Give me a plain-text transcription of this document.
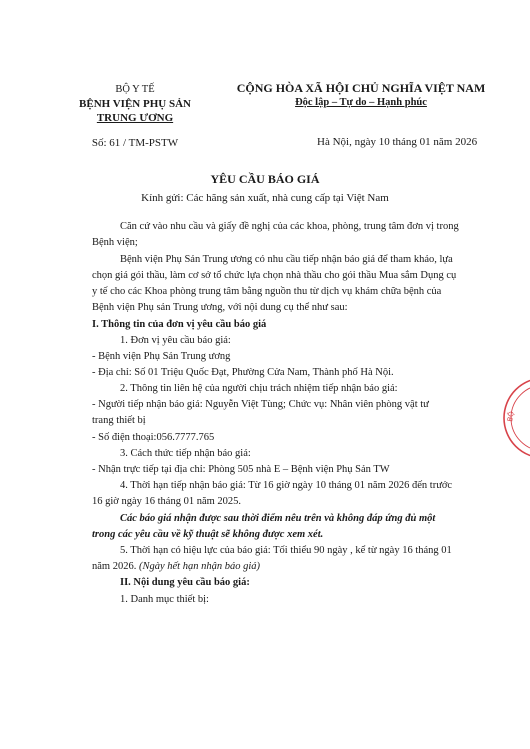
BỘ Y TẾ
BỆNH VIỆN PHỤ SẢN
TRUNG ƯƠNG
CỘNG HÒA XÃ HỘI CHỦ NGHĨA VIỆT NAM
Độc lập – Tự do – Hạnh phúc
Số: 61 / TM-PSTW	Hà Nội, ngày 10 tháng 01 năm 2026
YÊU CẦU BÁO GIÁ
Kính gửi: Các hãng sản xuất, nhà cung cấp tại Việt Nam
Căn cứ vào nhu cầu và giấy đề nghị của các khoa, phòng, trung tâm đơn vị trong
Bệnh viện;
Bệnh viện Phụ Sản Trung ương có nhu cầu tiếp nhận báo giá để tham khảo, lựa
chọn giá gói thầu, làm cơ sở tổ chức lựa chọn nhà thầu cho gói thầu Mua sắm Dụng cụ
y tế cho các Khoa phòng trung tâm bằng nguồn thu từ dịch vụ khám chữa bệnh của
Bệnh viện Phụ sản Trung ương, với nội dung cụ thể như sau:
I. Thông tin của đơn vị yêu cầu báo giá
1. Đơn vị yêu cầu báo giá:
- Bệnh viện Phụ Sản Trung ương
- Địa chỉ: Số 01 Triệu Quốc Đạt, Phường Cửa Nam, Thành phố Hà Nội.
2. Thông tin liên hệ của người chịu trách nhiệm tiếp nhận báo giá:
- Người tiếp nhận báo giá: Nguyễn Việt Tùng; Chức vụ: Nhân viên phòng vật tư
trang thiết bị
- Số điện thoại:056.7777.765
3. Cách thức tiếp nhận báo giá:
- Nhận trực tiếp tại địa chỉ: Phòng 505 nhà E – Bệnh viện Phụ Sản TW
4. Thời hạn tiếp nhận báo giá: Từ 16 giờ ngày 10 tháng 01 năm 2026 đến trước
16 giờ ngày 16 tháng 01 năm 2025.
Các báo giá nhận được sau thời điểm nêu trên và không đáp ứng đủ một
trong các yêu cầu về kỹ thuật sẽ không được xem xét.
5. Thời hạn có hiệu lực của báo giá: Tối thiểu 90 ngày , kể từ ngày 16 tháng 01
năm 2026. (Ngày hết hạn nhận báo giá)
II. Nội dung yêu cầu báo giá:
1. Danh mục thiết bị:
BỘ
